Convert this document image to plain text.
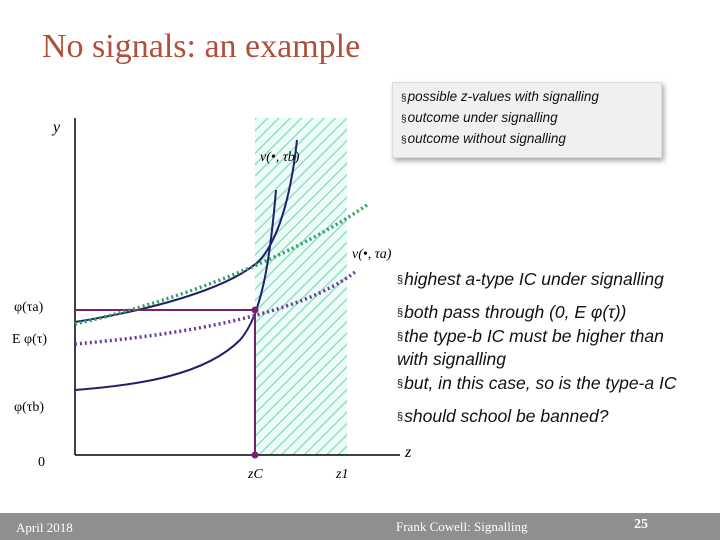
No signals: an example
y
z
0
v(•, τb)
v(•, τa)
φ(τa)
E φ(τ)
φ(τb)
zC	z1
§possible z-values with signalling
§outcome under signalling
§outcome without signalling
§highest a-type IC under signalling
§both pass through (0, E φ(τ))
§the type-b IC must be higher than
with signalling
§but, in this case, so is the type-a IC
§should school be banned?
April 2018	Frank Cowell: Signalling	25
